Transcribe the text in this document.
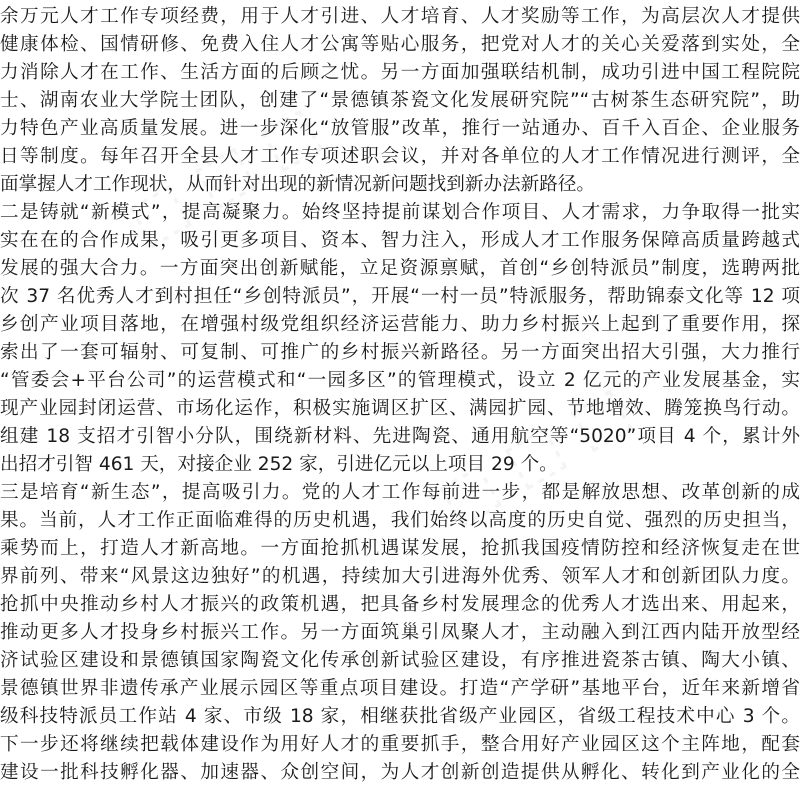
余万元人才工作专项经费，用于人才引进、人才培育、人才奖励等工作，为高层次人才提供
健康体检、国情研修、免费入住人才公寓等贴心服务，把党对人才的关心关爱落到实处，全
力消除人才在工作、生活方面的后顾之忧。另一方面加强联结机制，成功引进中国工程院院
士、湖南农业大学院士团队，创建了“景德镇茶瓷文化发展研究院”“古树茶生态研究院”，助
力特色产业高质量发展。进一步深化“放管服”改革，推行一站通办、百千入百企、企业服务
日等制度。每年召开全县人才工作专项述职会议，并对各单位的人才工作情况进行测评，全
面掌握人才工作现状，从而针对出现的新情况新问题找到新办法新路径。
二是铸就“新模式”，提高凝聚力。始终坚持提前谋划合作项目、人才需求，力争取得一批实
实在在的合作成果，吸引更多项目、资本、智力注入，形成人才工作服务保障高质量跨越式
发展的强大合力。一方面突出创新赋能，立足资源禀赋，首创“乡创特派员”制度，选聘两批
次 37 名优秀人才到村担任“乡创特派员”，开展“一村一员”特派服务，帮助锦泰文化等 12 项
乡创产业项目落地，在增强村级党组织经济运营能力、助力乡村振兴上起到了重要作用，探
索出了一套可辐射、可复制、可推广的乡村振兴新路径。另一方面突出招大引强，大力推行
“管委会+平台公司”的运营模式和“一园多区”的管理模式，设立 2 亿元的产业发展基金，实
现产业园封闭运营、市场化运作，积极实施调区扩区、满园扩园、节地增效、腾笼换鸟行动。
组建 18 支招才引智小分队，围绕新材料、先进陶瓷、通用航空等“5020”项目 4 个，累计外
出招才引智 461 天，对接企业 252 家，引进亿元以上项目 29 个。
三是培育“新生态”，提高吸引力。党的人才工作每前进一步，都是解放思想、改革创新的成
果。当前，人才工作正面临难得的历史机遇，我们始终以高度的历史自觉、强烈的历史担当，
乘势而上，打造人才新高地。一方面抢抓机遇谋发展，抢抓我国疫情防控和经济恢复走在世
界前列、带来“风景这边独好”的机遇，持续加大引进海外优秀、领军人才和创新团队力度。
抢抓中央推动乡村人才振兴的政策机遇，把具备乡村发展理念的优秀人才选出来、用起来，
推动更多人才投身乡村振兴工作。另一方面筑巢引凤聚人才，主动融入到江西内陆开放型经
济试验区建设和景德镇国家陶瓷文化传承创新试验区建设，有序推进瓷茶古镇、陶大小镇、
景德镇世界非遗传承产业展示园区等重点项目建设。打造“产学研”基地平台，近年来新增省
级科技特派员工作站 4 家、市级 18 家，相继获批省级产业园区，省级工程技术中心 3 个。
下一步还将继续把载体建设作为用好人才的重要抓手，整合用好产业园区这个主阵地，配套
建设一批科技孵化器、加速器、众创空间，为人才创新创造提供从孵化、转化到产业化的全
